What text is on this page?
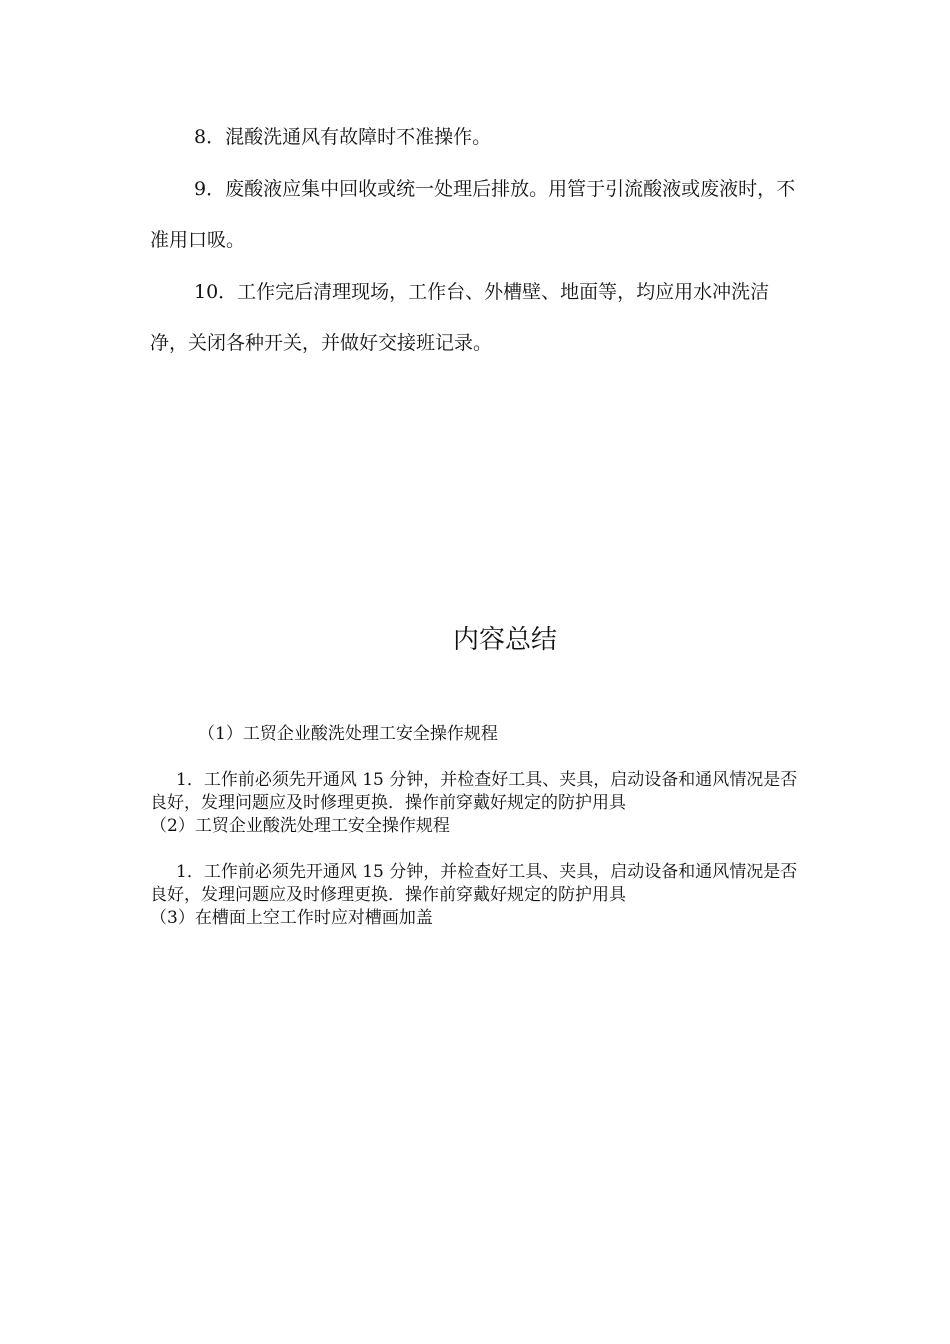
8．混酸洗通风有故障时不准操作。

9．废酸液应集中回收或统一处理后排放。用管于引流酸液或废液时，不准用口吸。

10．工作完后清理现场，工作台、外槽壁、地面等，均应用水冲洗洁净，关闭各种开关，并做好交接班记录。

内容总结

（1）工贸企业酸洗处理工安全操作规程

1．工作前必须先开通风 15 分钟，并检查好工具、夹具，启动设备和通风情况是否良好，发理问题应及时修理更换．操作前穿戴好规定的防护用具

（2）工贸企业酸洗处理工安全操作规程

1．工作前必须先开通风 15 分钟，并检查好工具、夹具，启动设备和通风情况是否良好，发理问题应及时修理更换．操作前穿戴好规定的防护用具

（3）在槽面上空工作时应对槽画加盖
